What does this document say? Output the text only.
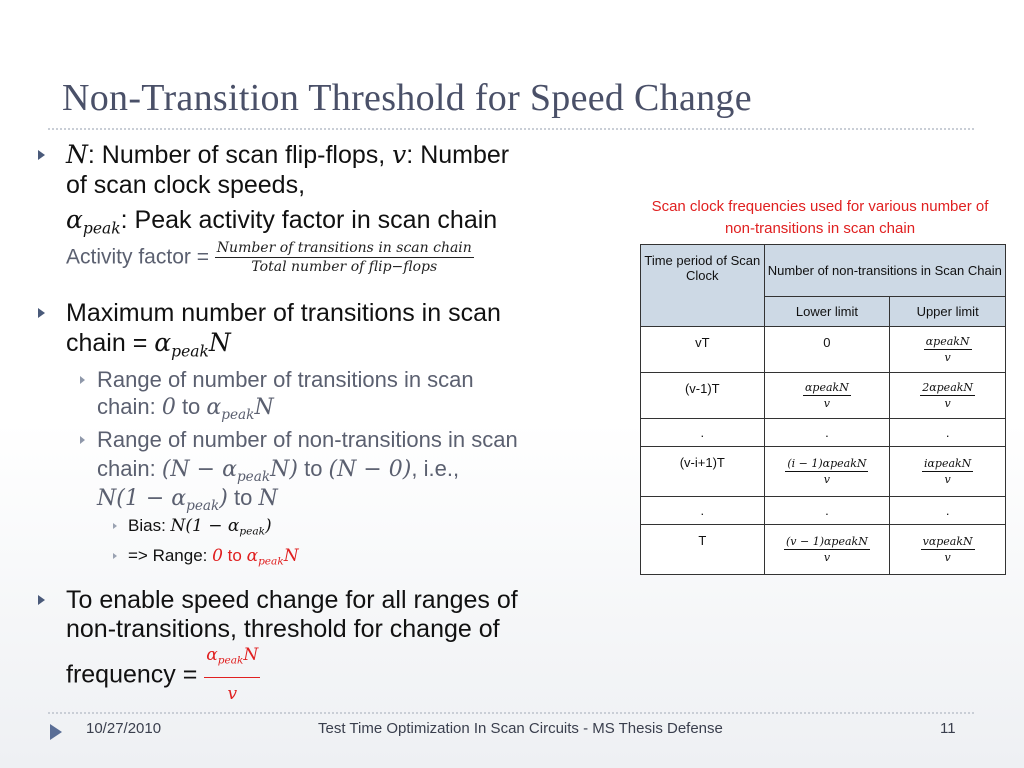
Non-Transition Threshold for Speed Change
N: Number of scan flip-flops, v: Number
of scan clock speeds,
$\alpha_{peak}$: Peak activity factor in scan chain
Activity factor = $\frac{\text{Number of transitions in scan chain}}{\text{Total number of flip−flops}}$
Maximum number of transitions in scan
chain = $\alpha_{peak}N$
Range of number of transitions in scan
chain: 0 to $\alpha_{peak}N$
Range of number of non-transitions in scan
chain: $(N - \alpha_{peak}N)$ to (N − 0), i.e.,
$N(1 - \alpha_{peak})$ to N
Bias: $N(1 - \alpha_{peak})$
=> Range: 0 to $\alpha_{peak}N$
To enable speed change for all ranges of
non-transitions, threshold for change of
frequency = $\frac{\alpha_{peak}N}{v}$
Scan clock frequencies used for various number of non-transitions in scan chain
Time period of Scan Clock	Number of non-transitions in Scan Chain	
	Lower limit	Upper limit
vT	0	$\frac{\text{αpeakN}}{v}$

(v-1)T	$\frac{\text{αpeakN}}{v}$	$\frac{\text{2αpeakN}}{v}$

.	.	.
(v-i+1)T	$\frac{\text{(i − 1)αpeakN}}{v}$	$\frac{\text{iαpeakN}}{v}$

.	.	.
T	$\frac{\text{(v − 1)αpeakN}}{v}$	$\frac{\text{vαpeakN}}{v}$
10/27/2010	Test Time Optimization In Scan Circuits - MS Thesis Defense	11
